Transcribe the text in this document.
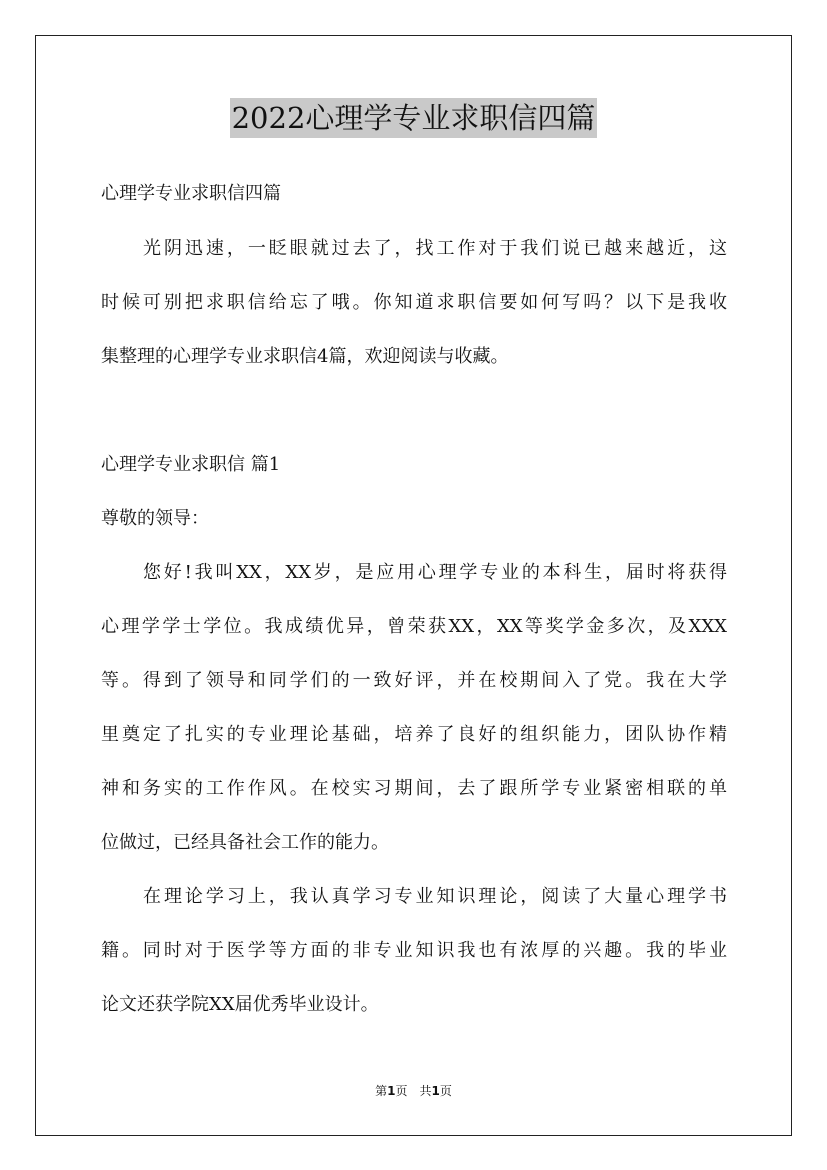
2022心理学专业求职信四篇
心理学专业求职信四篇
光阴迅速，一眨眼就过去了，找工作对于我们说已越来越近，这
时候可别把求职信给忘了哦。你知道求职信要如何写吗？以下是我收
集整理的心理学专业求职信4篇，欢迎阅读与收藏。
心理学专业求职信 篇1
尊敬的领导：
您好!我叫XX，XX岁，是应用心理学专业的本科生，届时将获得
心理学学士学位。我成绩优异，曾荣获XX，XX等奖学金多次，及XXX
等。得到了领导和同学们的一致好评，并在校期间入了党。我在大学
里奠定了扎实的专业理论基础，培养了良好的组织能力，团队协作精
神和务实的工作作风。在校实习期间，去了跟所学专业紧密相联的单
位做过，已经具备社会工作的能力。
在理论学习上，我认真学习专业知识理论，阅读了大量心理学书
籍。同时对于医学等方面的非专业知识我也有浓厚的兴趣。我的毕业
论文还获学院XX届优秀毕业设计。
第1页　共1页
